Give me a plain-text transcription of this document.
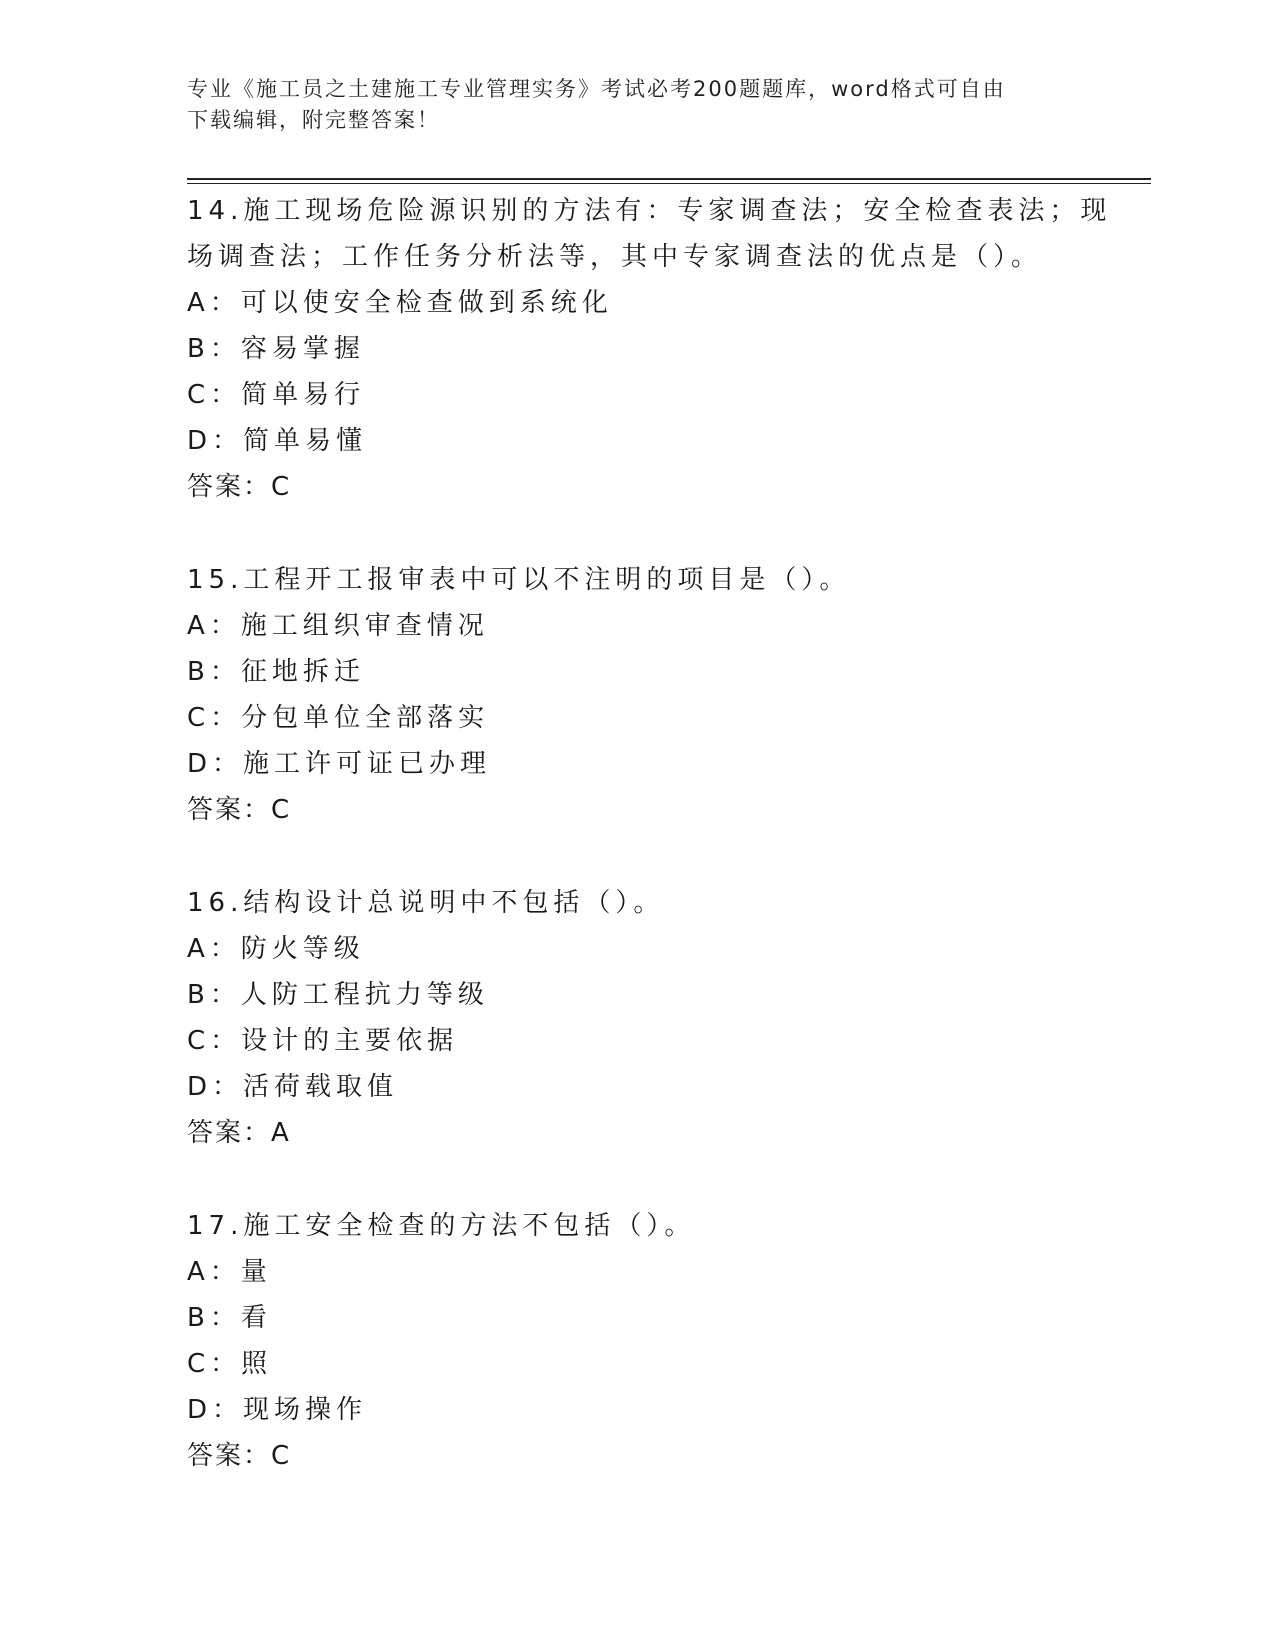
专业《施工员之土建施工专业管理实务》考试必考200题题库，word格式可自由
下载编辑，附完整答案！

14.施工现场危险源识别的方法有：专家调查法；安全检查表法；现场调查法；工作任务分析法等，其中专家调查法的优点是（）。

A：可以使安全检查做到系统化

B：容易掌握

C：简单易行

D：简单易懂

答案：C

15.工程开工报审表中可以不注明的项目是（）。

A：施工组织审查情况

B：征地拆迁

C：分包单位全部落实

D：施工许可证已办理

答案：C

16.结构设计总说明中不包括（）。

A：防火等级

B：人防工程抗力等级

C：设计的主要依据

D：活荷载取值

答案：A

17.施工安全检查的方法不包括（）。

A：量

B：看

C：照

D：现场操作

答案：C
